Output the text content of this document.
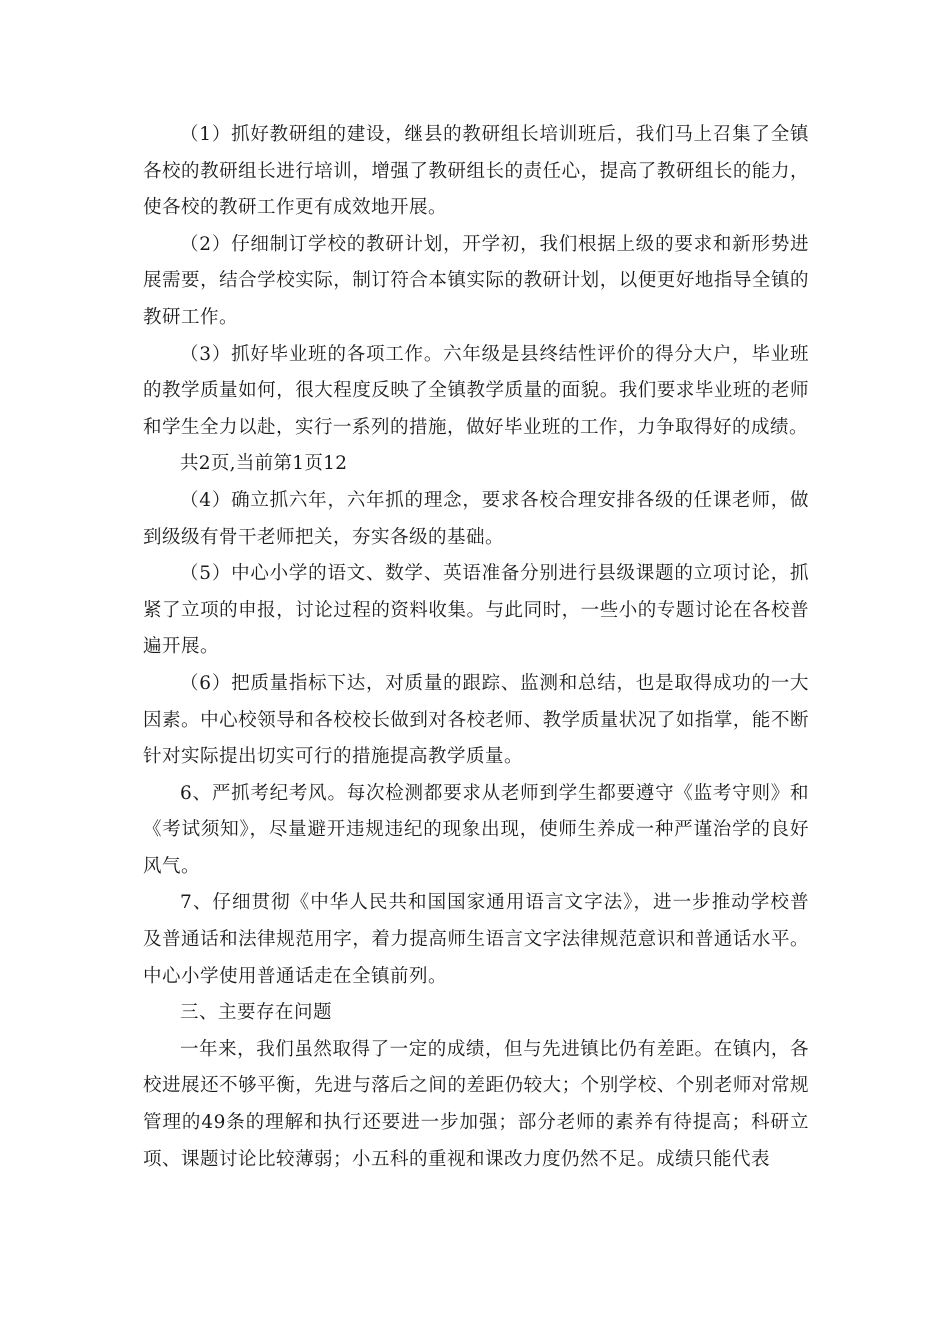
（1）抓好教研组的建设，继县的教研组长培训班后，我们马上召集了全镇各校的教研组长进行培训，增强了教研组长的责任心，提高了教研组长的能力，使各校的教研工作更有成效地开展。

（2）仔细制订学校的教研计划，开学初，我们根据上级的要求和新形势进展需要，结合学校实际，制订符合本镇实际的教研计划，以便更好地指导全镇的教研工作。

（3）抓好毕业班的各项工作。六年级是县终结性评价的得分大户，毕业班的教学质量如何，很大程度反映了全镇教学质量的面貌。我们要求毕业班的老师和学生全力以赴，实行一系列的措施，做好毕业班的工作，力争取得好的成绩。

共2页,当前第1页12

（4）确立抓六年，六年抓的理念，要求各校合理安排各级的任课老师，做到级级有骨干老师把关，夯实各级的基础。

（5）中心小学的语文、数学、英语准备分别进行县级课题的立项讨论，抓紧了立项的申报，讨论过程的资料收集。与此同时，一些小的专题讨论在各校普遍开展。

（6）把质量指标下达，对质量的跟踪、监测和总结，也是取得成功的一大因素。中心校领导和各校校长做到对各校老师、教学质量状况了如指掌，能不断针对实际提出切实可行的措施提高教学质量。

6、严抓考纪考风。每次检测都要求从老师到学生都要遵守《监考守则》和《考试须知》，尽量避开违规违纪的现象出现，使师生养成一种严谨治学的良好风气。

7、仔细贯彻《中华人民共和国国家通用语言文字法》，进一步推动学校普及普通话和法律规范用字，着力提高师生语言文字法律规范意识和普通话水平。中心小学使用普通话走在全镇前列。

三、主要存在问题

一年来，我们虽然取得了一定的成绩，但与先进镇比仍有差距。在镇内，各校进展还不够平衡，先进与落后之间的差距仍较大；个别学校、个别老师对常规管理的49条的理解和执行还要进一步加强；部分老师的素养有待提高；科研立项、课题讨论比较薄弱；小五科的重视和课改力度仍然不足。成绩只能代表
